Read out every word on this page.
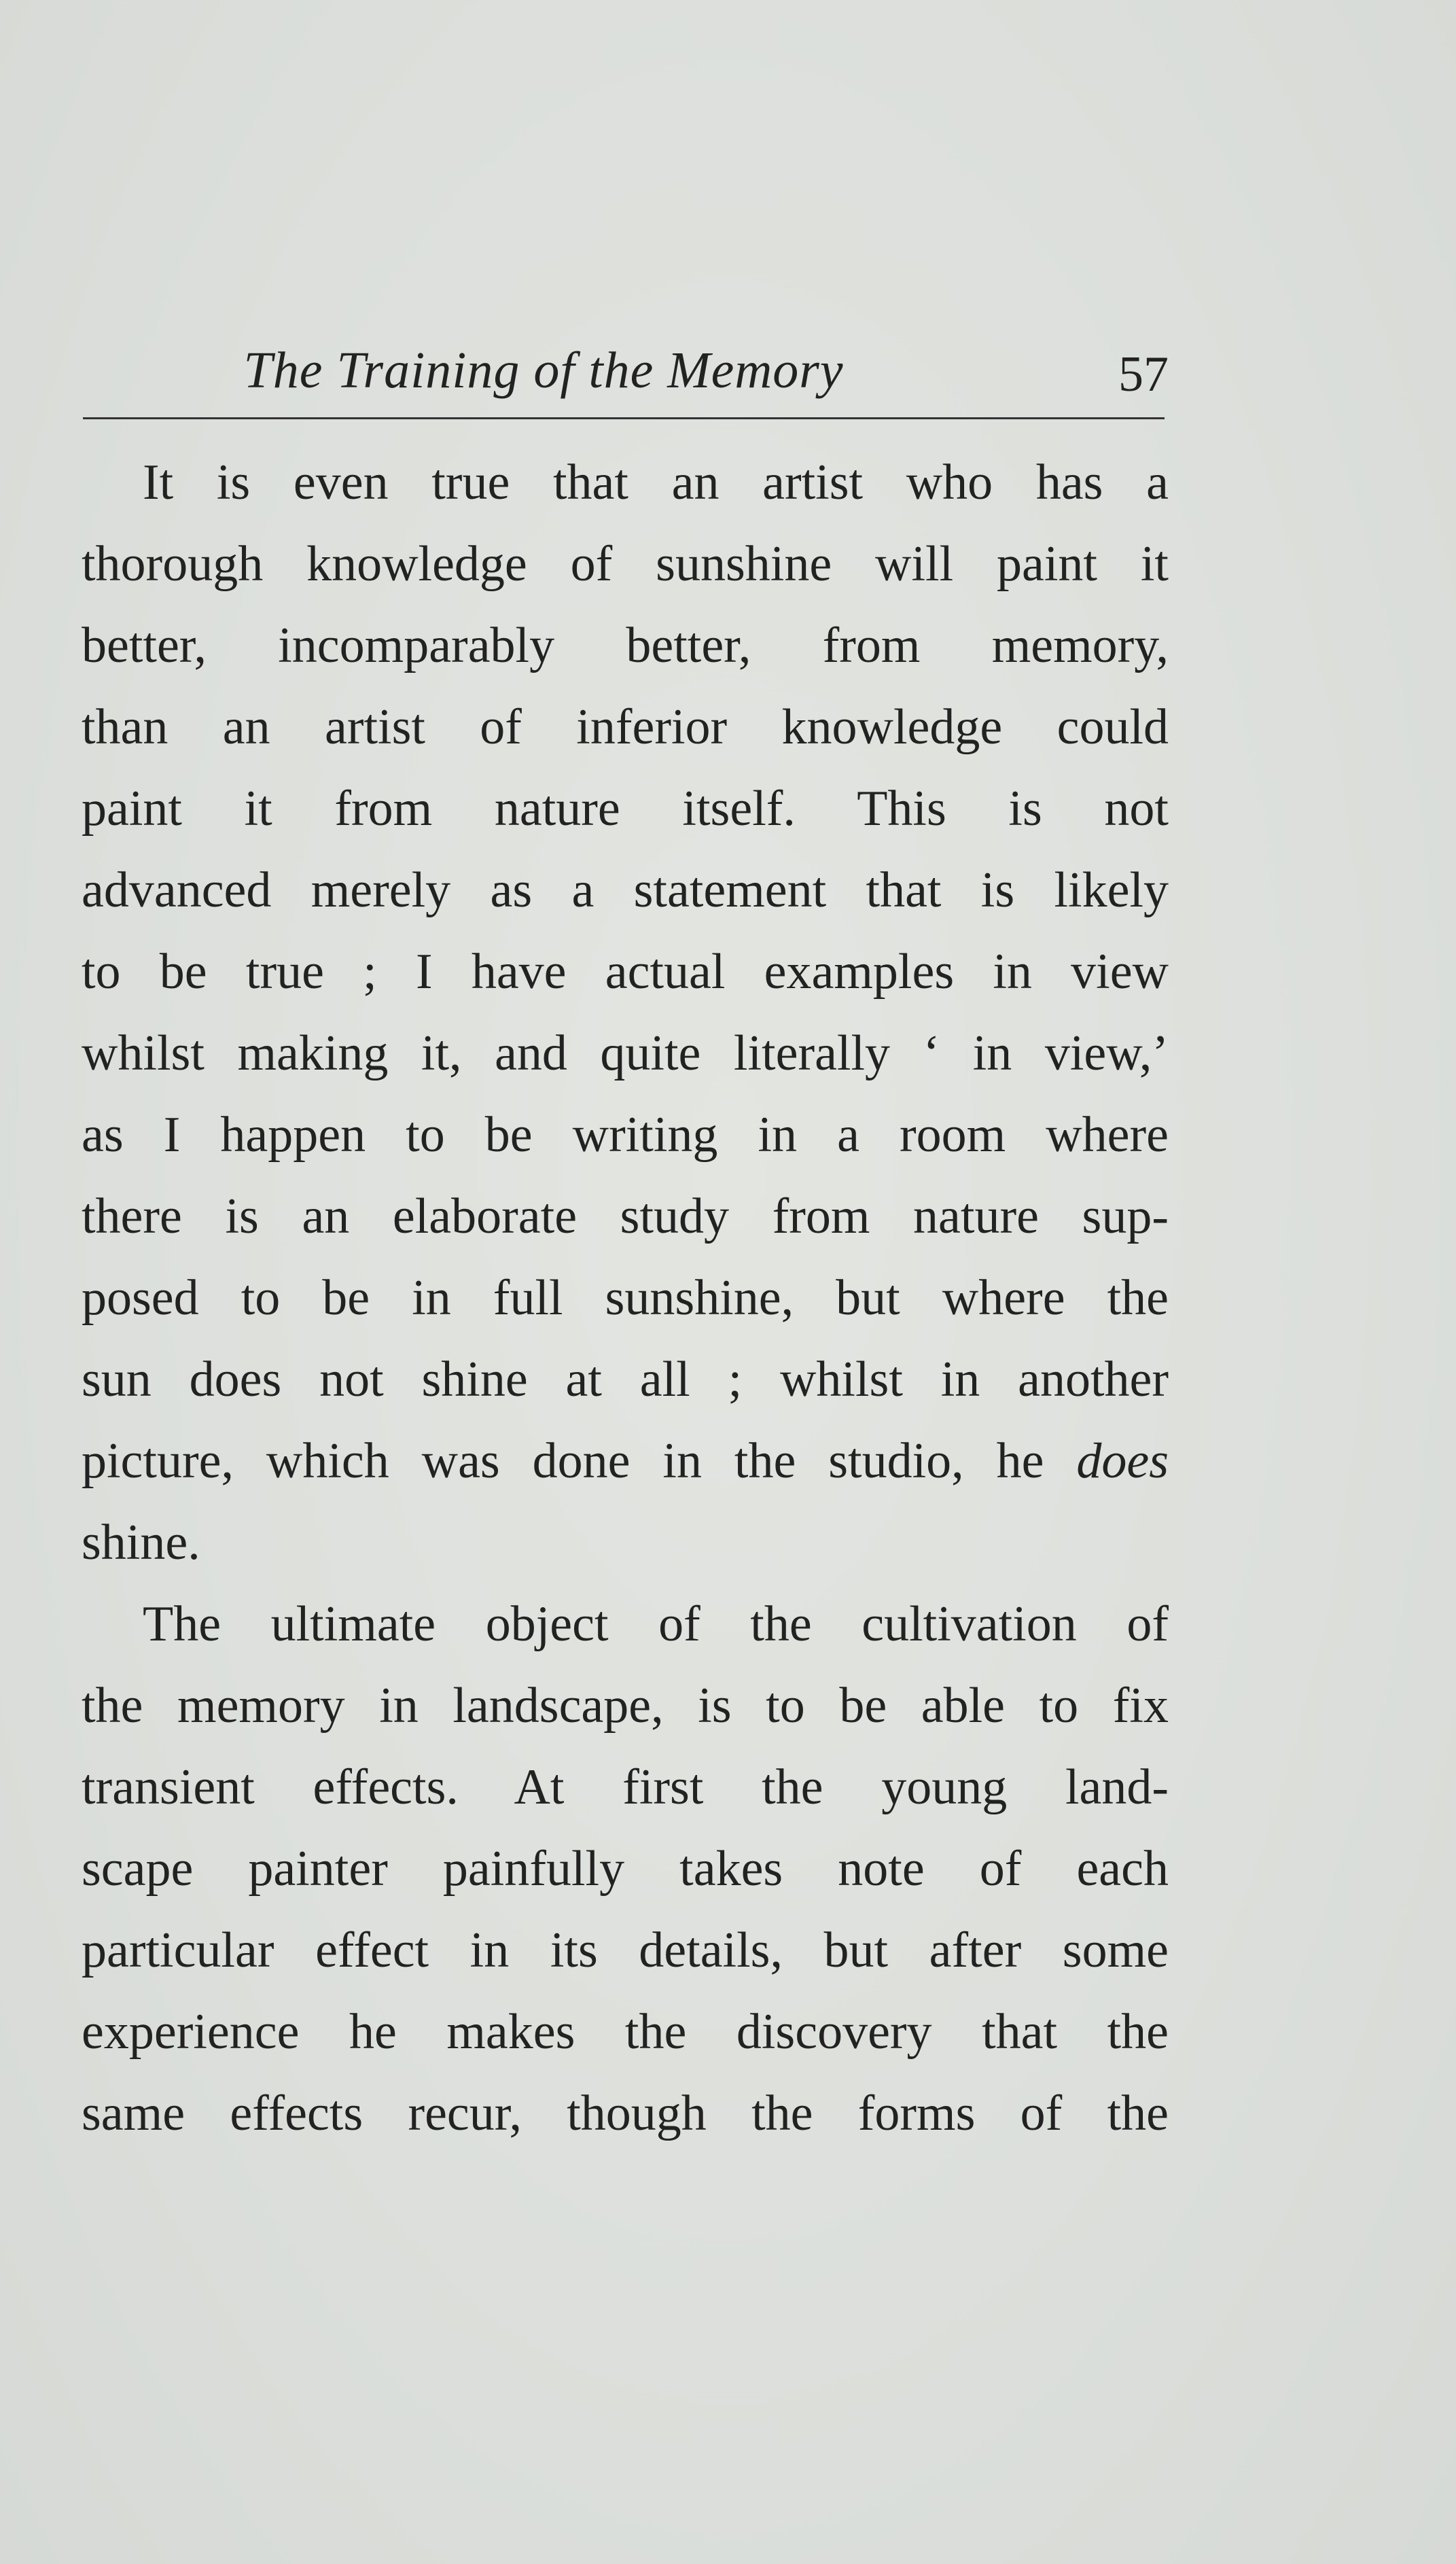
The Training of the Memory	57
It is even true that an artist who has a
thorough knowledge of sunshine will paint it
better, incomparably better, from memory,
than an artist of inferior knowledge could
paint it from nature itself. This is not
advanced merely as a statement that is likely
to be true ; I have actual examples in view
whilst making it, and quite literally ‘ in view,’
as I happen to be writing in a room where
there is an elaborate study from nature sup-
posed to be in full sunshine, but where the
sun does not shine at all ; whilst in another
picture, which was done in the studio, he does
shine.
The ultimate object of the cultivation of
the memory in landscape, is to be able to fix
transient effects. At first the young land-
scape painter painfully takes note of each
particular effect in its details, but after some
experience he makes the discovery that the
same effects recur, though the forms of the
